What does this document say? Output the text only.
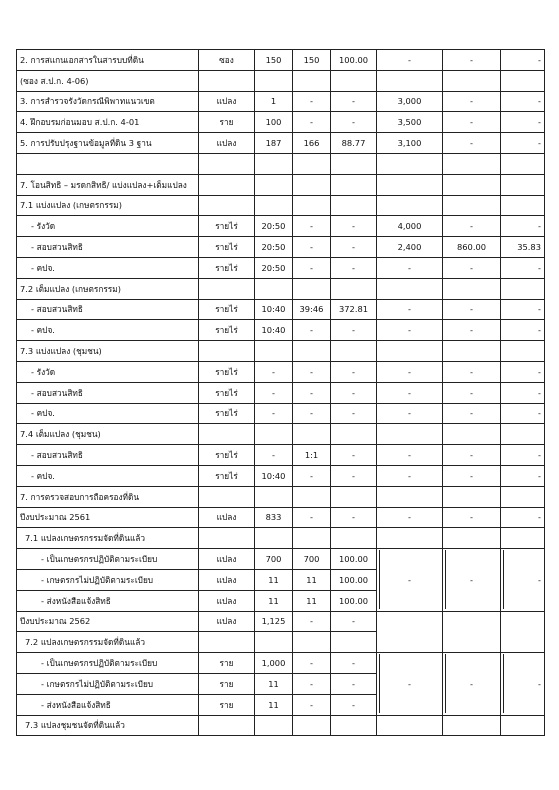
2. การสแกนเอกสารในสารบบที่ดิน	ซอง	150	150	100.00	-	-	-
(ซอง ส.ป.ก. 4-06)							
3. การสำรวจรังวัดกรณีพิพาทแนวเขต	แปลง	1	-	-	3,000	-	-
4. ฝึกอบรมก่อนมอบ ส.ป.ก. 4-01	ราย	100	-	-	3,500	-	-
5. การปรับปรุงฐานข้อมูลที่ดิน 3 ฐาน	แปลง	187	166	88.77	3,100	-	-

7. โอนสิทธิ – มรดกสิทธิ/ แบ่งแปลง+เต็มแปลง							
7.1 แบ่งแปลง (เกษตรกรรม)							
- รังวัด	รายไร่	20:50	-	-	4,000	-	-
- สอบสวนสิทธิ	รายไร่	20:50	-	-	2,400	860.00	35.83
- คปจ.	รายไร่	20:50	-	-	-	-	-
7.2 เต็มแปลง (เกษตรกรรม)							
- สอบสวนสิทธิ	รายไร่	10:40	39:46	372.81	-	-	-
- คปจ.	รายไร่	10:40	-	-	-	-	-
7.3 แบ่งแปลง (ชุมชน)							
- รังวัด	รายไร่	-	-	-	-	-	-
- สอบสวนสิทธิ	รายไร่	-	-	-	-	-	-
- คปจ.	รายไร่	-	-	-	-	-	-
7.4 เต็มแปลง (ชุมชน)							
- สอบสวนสิทธิ	รายไร่	-	1:1	-	-	-	-
- คปจ.	รายไร่	10:40	-	-	-	-	-
7. การตรวจสอบการถือครองที่ดิน							
ปีงบประมาณ 2561	แปลง	833	-	-	-	-	-
7.1 แปลงเกษตรกรรมจัดที่ดินแล้ว							
- เป็นเกษตรกรปฏิบัติตามระเบียบ	แปลง	700	700	100.00	-	-	-
- เกษตรกรไม่ปฏิบัติตามระเบียบ	แปลง	11	11	100.00			
- ส่งหนังสือแจ้งสิทธิ	แปลง	11	11	100.00			
ปีงบประมาณ 2562	แปลง	1,125	-	-			
7.2 แปลงเกษตรกรรมจัดที่ดินแล้ว							
- เป็นเกษตรกรปฏิบัติตามระเบียบ	ราย	1,000	-	-	-	-	-
- เกษตรกรไม่ปฏิบัติตามระเบียบ	ราย	11	-	-			
- ส่งหนังสือแจ้งสิทธิ	ราย	11	-	-			
7.3 แปลงชุมชนจัดที่ดินแล้ว							
